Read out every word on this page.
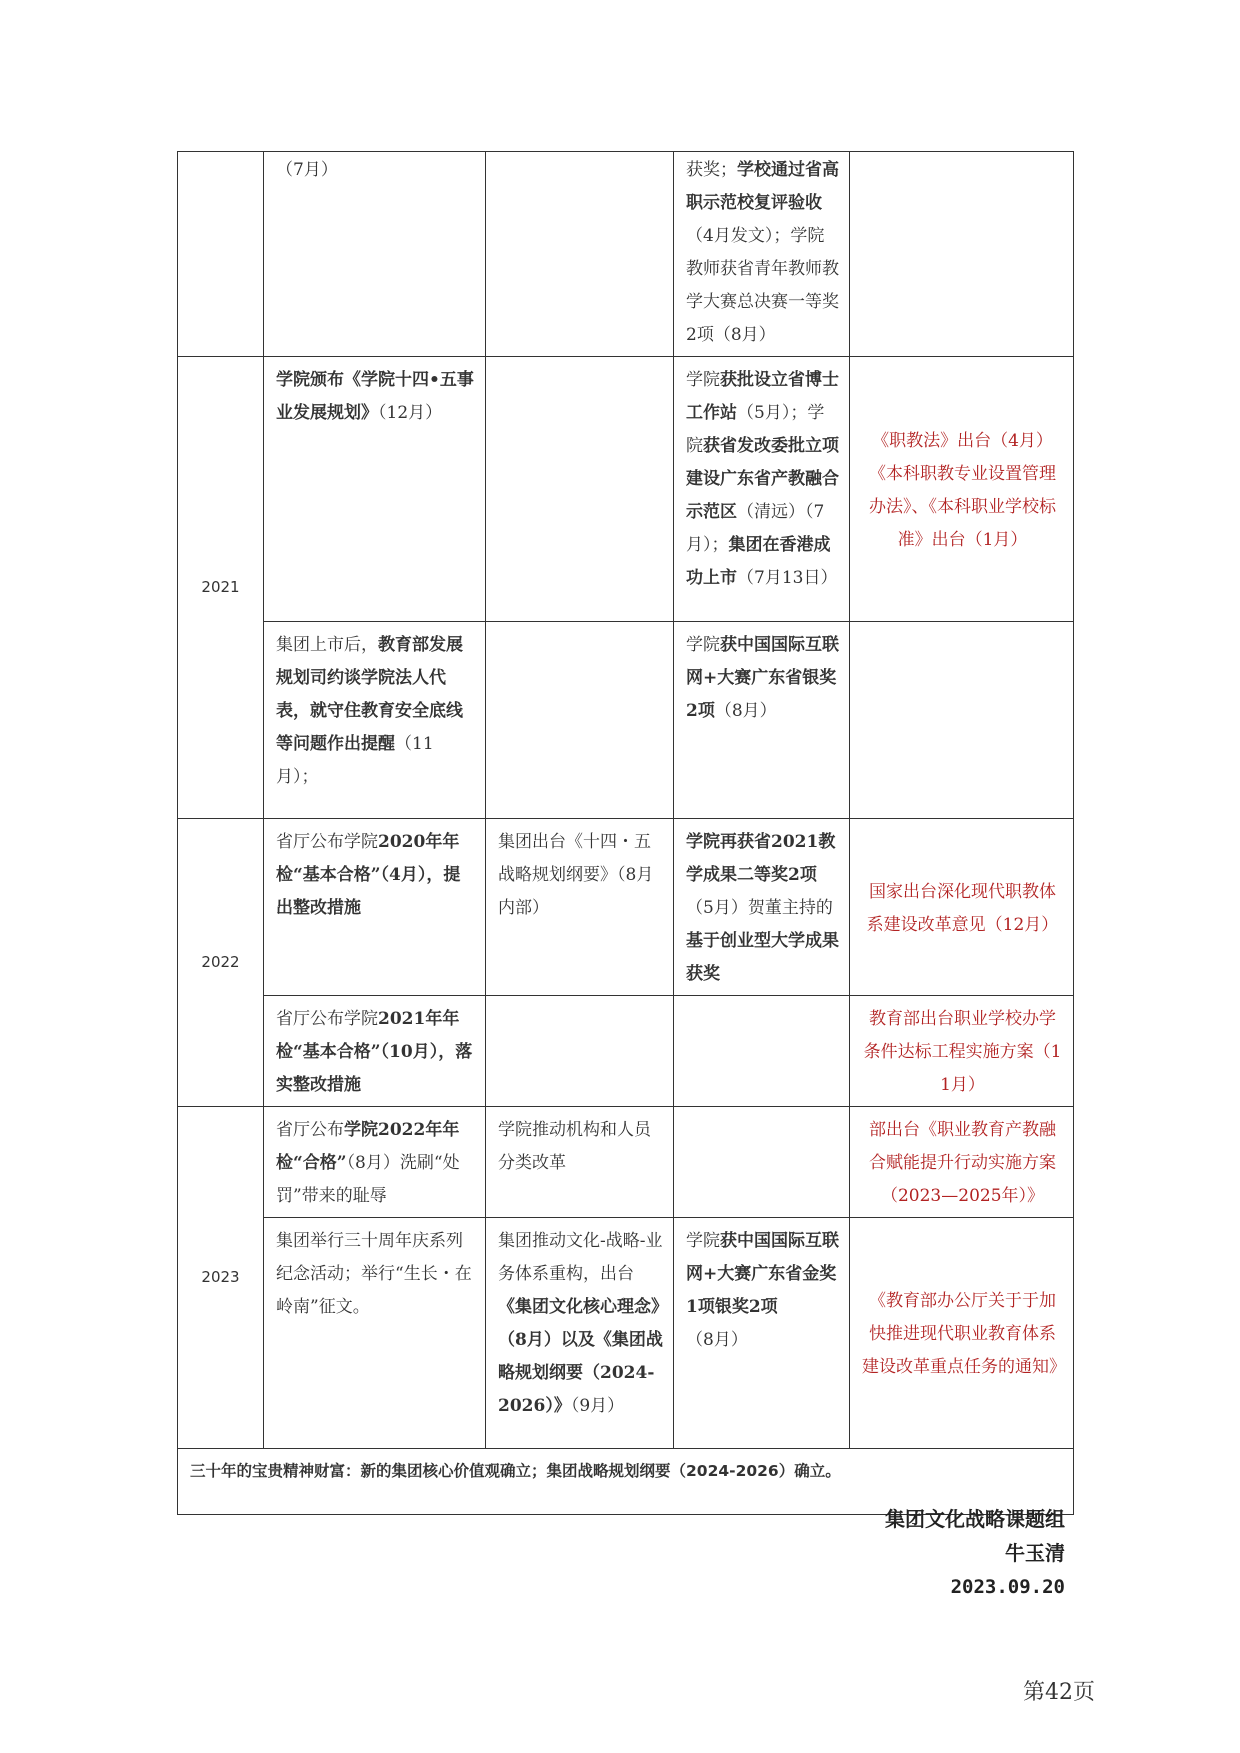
	（7月）		获奖；学校通过省高职示范校复评验收（4月发文）；学院教师获省青年教师教学大赛总决赛一等奖2项（8月）	
2021	学院颁布《学院十四•五事业发展规划》（12月）		学院获批设立省博士工作站（5月）；学院获省发改委批立项建设广东省产教融合示范区（清远）（7月）；集团在香港成功上市（7月13日）	《职教法》出台（4月）《本科职教专业设置管理办法》、《本科职业学校标准》出台（1月）
	集团上市后，教育部发展规划司约谈学院法人代表，就守住教育安全底线等问题作出提醒（11月）；		学院获中国国际互联网+大赛广东省银奖2项（8月）	
2022	省厅公布学院2020年年检“基本合格”（4月），提出整改措施	集团出台《十四・五战略规划纲要》（8月内部）	学院再获省2021教学成果二等奖2项（5月）贺董主持的基于创业型大学成果获奖	国家出台深化现代职教体系建设改革意见（12月）
	省厅公布学院2021年年检“基本合格”（10月），落实整改措施			教育部出台职业学校办学条件达标工程实施方案（11月）
2023	省厅公布学院2022年年检“合格”（8月）洗刷“处罚”带来的耻辱	学院推动机构和人员分类改革		部出台《职业教育产教融合赋能提升行动实施方案（2023—2025年）》
	集团举行三十周年庆系列纪念活动；举行“生长・在岭南”征文。	集团推动文化-战略-业务体系重构，出台《集团文化核心理念》（8月）以及《集团战略规划纲要（2024-2026）》（9月）	学院获中国国际互联网+大赛广东省金奖1项银奖2项（8月）	《教育部办公厅关于于加快推进现代职业教育体系建设改革重点任务的通知》
三十年的宝贵精神财富：新的集团核心价值观确立；集团战略规划纲要（2024-2026）确立。				
集团文化战略课题组
牛玉清
2023.09.20
第42页
